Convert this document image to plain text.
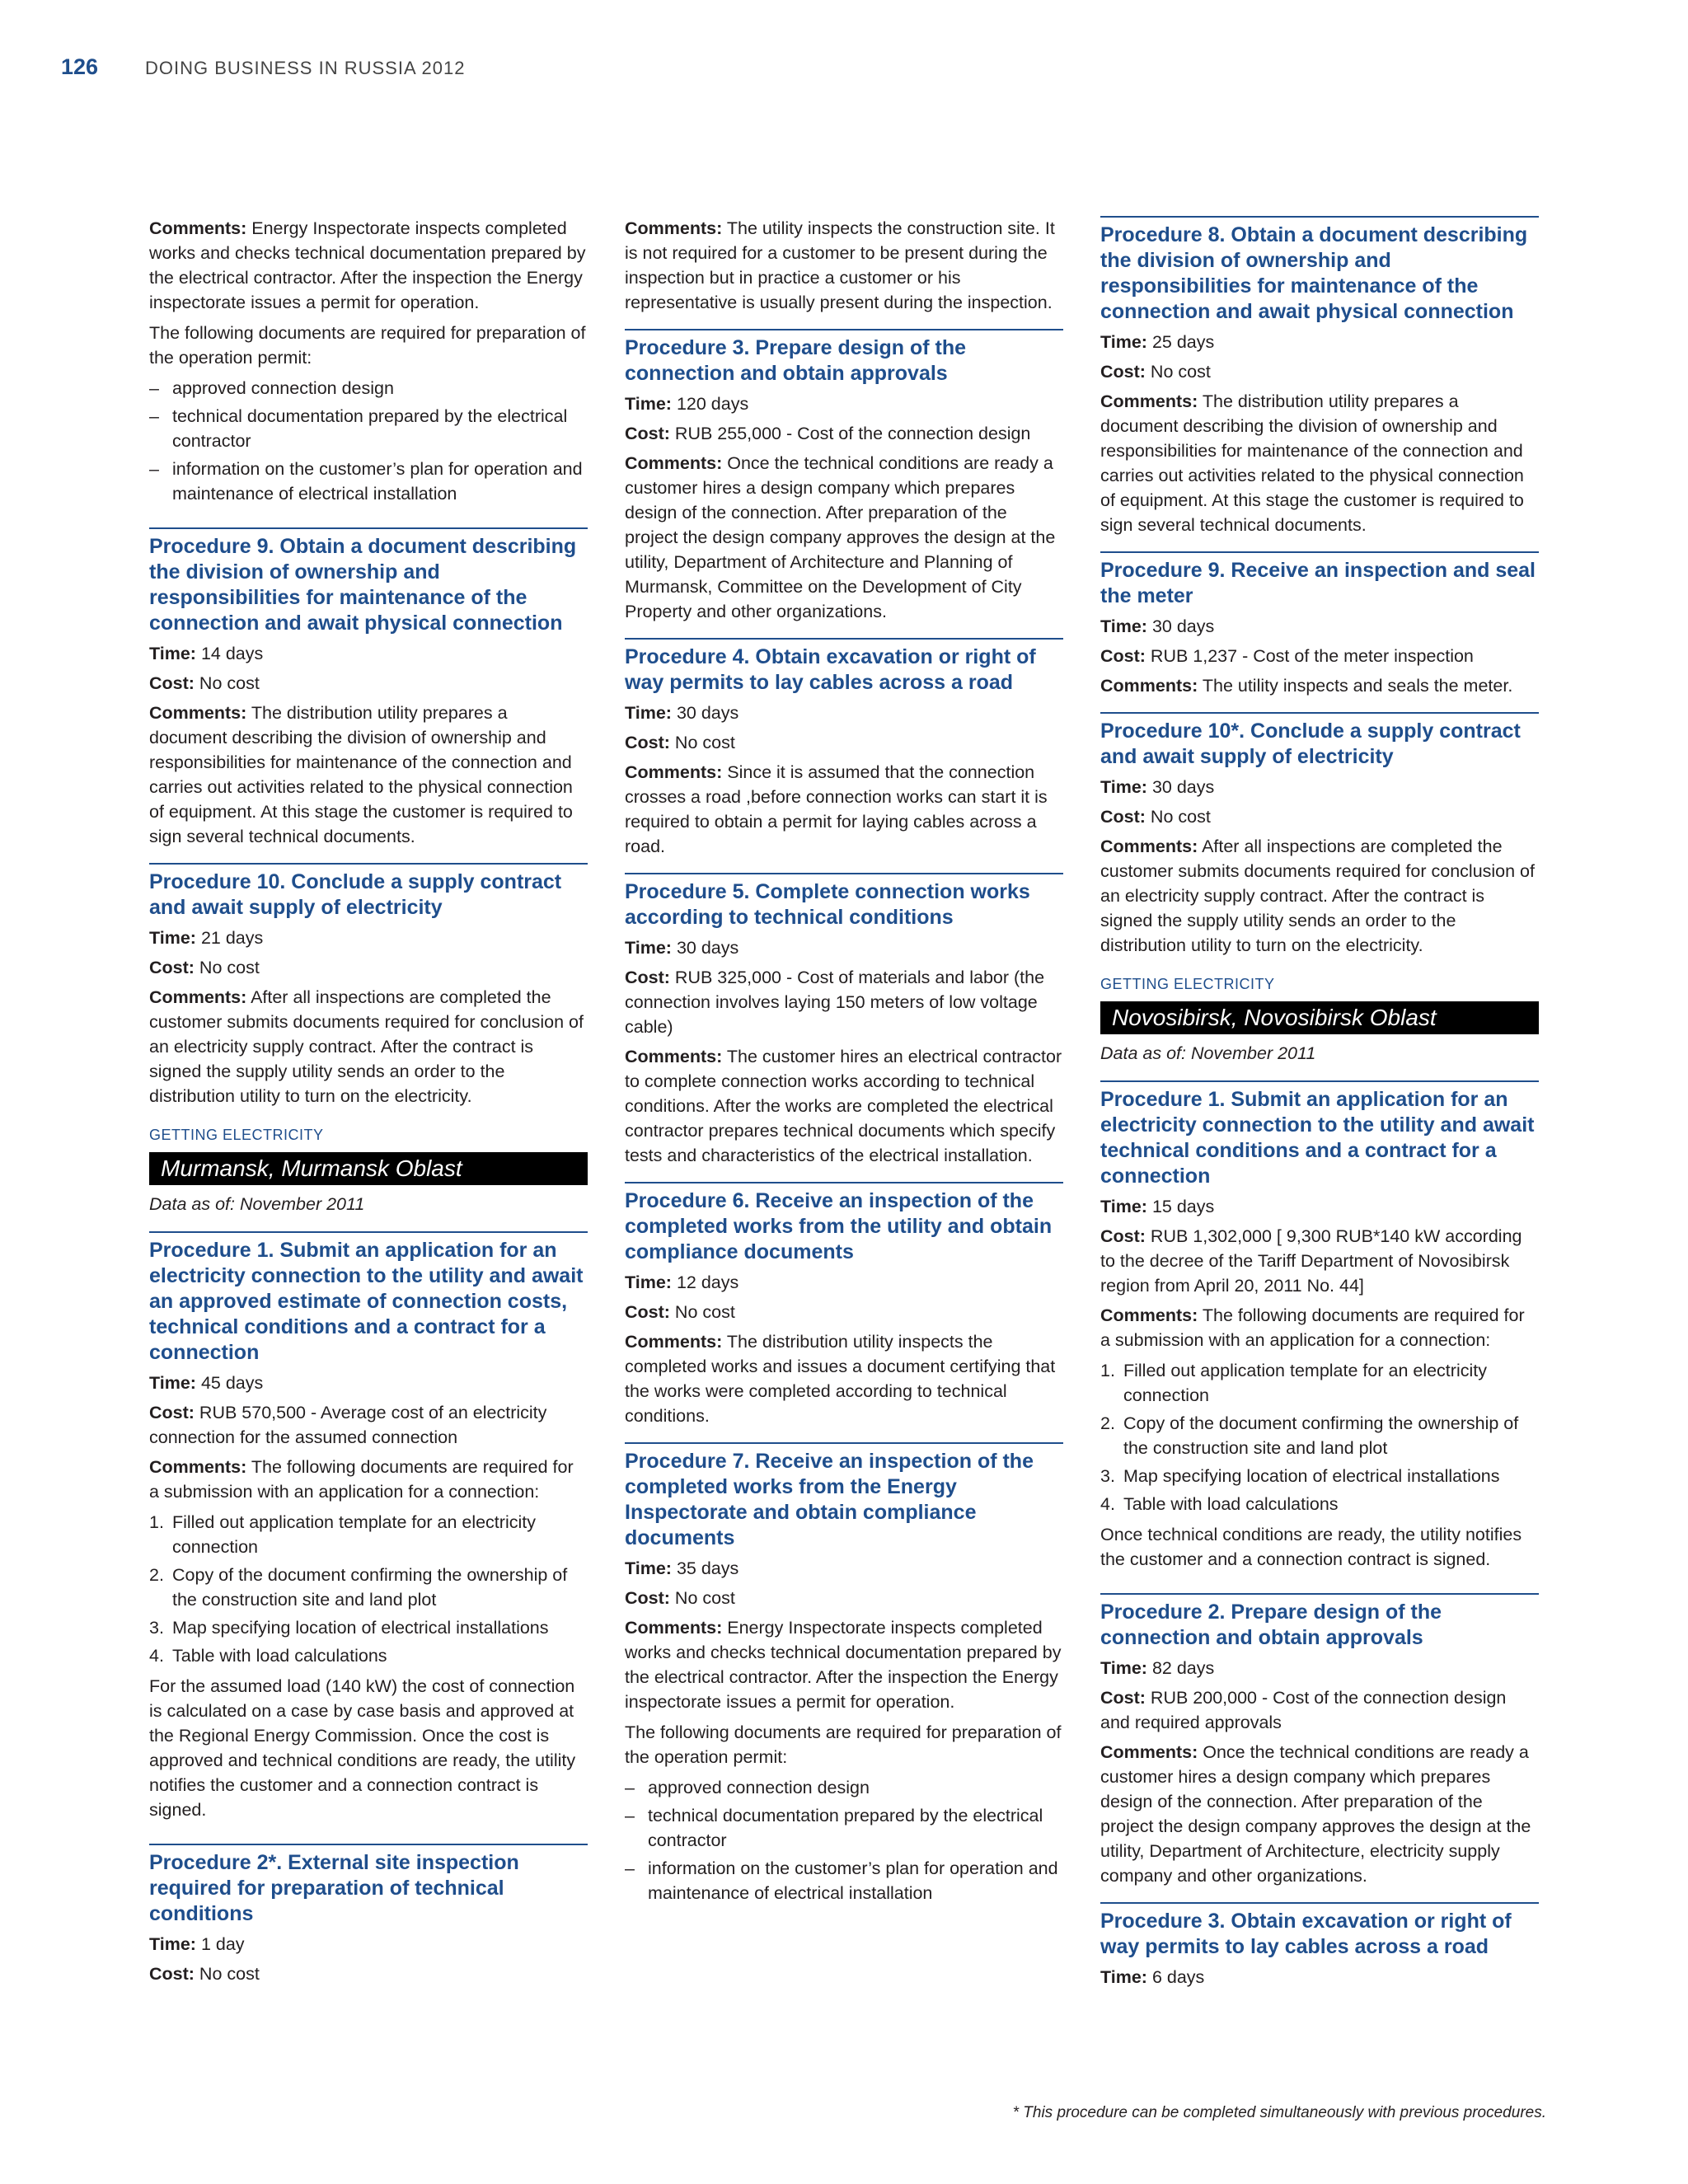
126	DOING BUSINESS IN RUSSIA 2012

Comments: Energy Inspectorate inspects completed works and checks technical documentation prepared by the electrical contractor. After the inspection the Energy inspectorate issues a permit for operation.

The following documents are required for preparation of the operation permit:

– approved connection design
– technical documentation prepared by the electrical contractor
– information on the customer’s plan for operation and maintenance of electrical installation
Procedure 9. Obtain a document describing the division of ownership and responsibilities for maintenance of the connection and await physical connection
Time: 14 days
Cost: No cost

Comments: The distribution utility prepares a document describing the division of ownership and responsibilities for maintenance of the connection and carries out activities related to the physical connection of equipment. At this stage the customer is required to sign several technical documents.

Procedure 10. Conclude a supply contract and await supply of electricity
Time: 21 days
Cost: No cost

Comments: After all inspections are completed the customer submits documents required for conclusion of an electricity supply contract. After the contract is signed the supply utility sends an order to the distribution utility to turn on the electricity.

GETTING ELECTRICITY
Murmansk, Murmansk Oblast
Data as of: November 2011
Procedure 1. Submit an application for an electricity connection to the utility and await an approved estimate of connection costs, technical conditions and a contract for a connection
Time: 45 days
Cost: RUB 570,500 - Average cost of an electricity connection for the assumed connection

Comments: The following documents are required for a submission with an application for a connection:

1. Filled out application template for an electricity connection
2. Copy of the document confirming the ownership of the construction site and land plot
3. Map specifying location of electrical installations
4. Table with load calculations

For the assumed load (140 kW) the cost of connection is calculated on a case by case basis and approved at the Regional Energy Commission. Once the cost is approved and technical conditions are ready, the utility notifies the customer and a connection contract is signed.

Procedure 2*. External site inspection required for preparation of technical conditions
Time: 1 day
Cost: No cost

Comments: The utility inspects the construction site. It is not required for a customer to be present during the inspection but in practice a customer or his representative is usually present during the inspection.

Procedure 3. Prepare design of the connection and obtain approvals
Time: 120 days
Cost: RUB 255,000 - Cost of the connection design

Comments: Once the technical conditions are ready a customer hires a design company which prepares design of the connection. After preparation of the project the design company approves the design at the utility, Department of Architecture and Planning of Murmansk, Committee on the Development of City Property and other organizations.

Procedure 4. Obtain excavation or right of way permits to lay cables across a road
Time: 30 days
Cost: No cost

Comments: Since it is assumed that the connection crosses a road ,before connection works can start it is required to obtain a permit for laying cables across a road.

Procedure 5. Complete connection works according to technical conditions
Time: 30 days
Cost: RUB 325,000 - Cost of materials and labor (the connection involves laying 150 meters of low voltage cable)

Comments: The customer hires an electrical contractor to complete connection works according to technical conditions. After the works are completed the electrical contractor prepares technical documents which specify tests and characteristics of the electrical installation.

Procedure 6. Receive an inspection of the completed works from the utility and obtain compliance documents
Time: 12 days
Cost: No cost

Comments: The distribution utility inspects the completed works and issues a document certifying that the works were completed according to technical conditions.

Procedure 7. Receive an inspection of the completed works from the Energy Inspectorate and obtain compliance documents
Time: 35 days
Cost: No cost

Comments: Energy Inspectorate inspects completed works and checks technical documentation prepared by the electrical contractor. After the inspection the Energy inspectorate issues a permit for operation.

The following documents are required for preparation of the operation permit:

– approved connection design
– technical documentation prepared by the electrical contractor
– information on the customer’s plan for operation and maintenance of electrical installation
Procedure 8. Obtain a document describing the division of ownership and responsibilities for maintenance of the connection and await physical connection
Time: 25 days
Cost: No cost

Comments: The distribution utility prepares a document describing the division of ownership and responsibilities for maintenance of the connection and carries out activities related to the physical connection of equipment. At this stage the customer is required to sign several technical documents.

Procedure 9. Receive an inspection and seal the meter
Time: 30 days
Cost: RUB 1,237 - Cost of the meter inspection

Comments: The utility inspects and seals the meter.

Procedure 10*. Conclude a supply contract and await supply of electricity
Time: 30 days
Cost: No cost

Comments: After all inspections are completed the customer submits documents required for conclusion of an electricity supply contract. After the contract is signed the supply utility sends an order to the distribution utility to turn on the electricity.

GETTING ELECTRICITY
Novosibirsk, Novosibirsk Oblast
Data as of: November 2011
Procedure 1. Submit an application for an electricity connection to the utility and await technical conditions and a contract for a connection
Time: 15 days
Cost: RUB 1,302,000 [ 9,300 RUB*140 kW according to the decree of the Tariff Department of Novosibirsk region from April 20, 2011 No. 44]

Comments: The following documents are required for a submission with an application for a connection:

1. Filled out application template for an electricity connection
2. Copy of the document confirming the ownership of the construction site and land plot
3. Map specifying location of electrical installations
4. Table with load calculations

Once technical conditions are ready, the utility notifies the customer and a connection contract is signed.

Procedure 2. Prepare design of the connection and obtain approvals
Time: 82 days
Cost: RUB 200,000 - Cost of the connection design and required approvals

Comments: Once the technical conditions are ready a customer hires a design company which prepares design of the connection. After preparation of the project the design company approves the design at the utility, Department of Architecture, electricity supply company and other organizations.

Procedure 3. Obtain excavation or right of way permits to lay cables across a road
Time: 6 days
* This procedure can be completed simultaneously with previous procedures.
